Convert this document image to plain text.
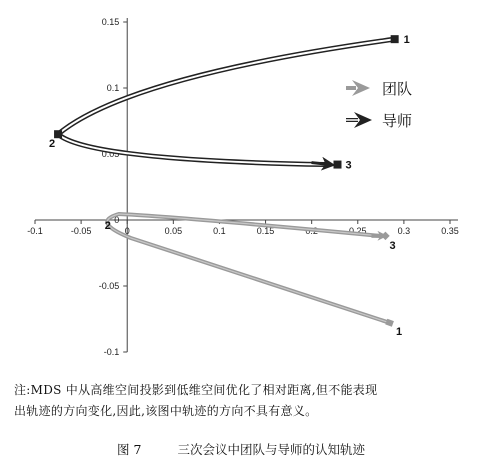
-0.1	-0.05	0	0.05	0.1	0.15	0.2	0.25	0.3	0.35
0.15
0.1
0.05
0
-0.05
-0.1
1
2
3
1
2
3
团队
导师

注:MDS 中从高维空间投影到低维空间优化了相对距离,但不能表现

出轨迹的方向变化,因此,该图中轨迹的方向不具有意义。

图 7	三次会议中团队与导师的认知轨迹
